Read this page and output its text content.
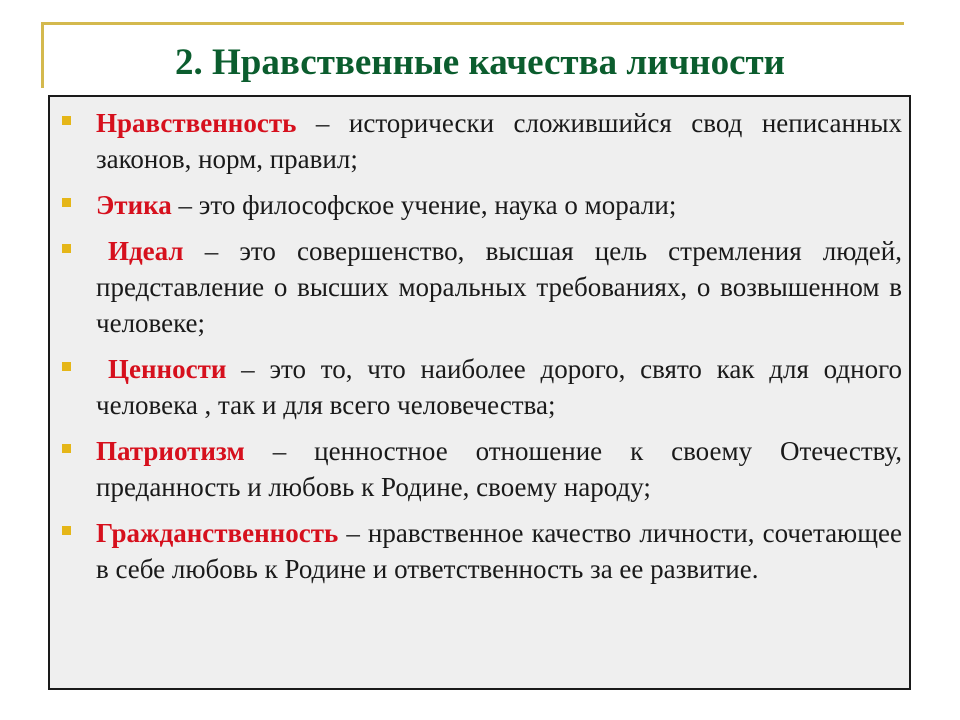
2. Нравственные качества личности
Нравственность – исторически сложившийся свод неписанных законов, норм, правил;
Этика – это философское учение, наука о морали;
Идеал – это совершенство, высшая цель стремления людей, представление о высших моральных требованиях, о возвышенном в человеке;
Ценности – это то, что наиболее дорого, свято как для одного человека , так и для всего человечества;
Патриотизм – ценностное отношение к своему Отечеству, преданность и любовь к Родине, своему народу;
Гражданственность – нравственное качество личности, сочетающее в себе любовь к Родине и ответственность за ее развитие.
